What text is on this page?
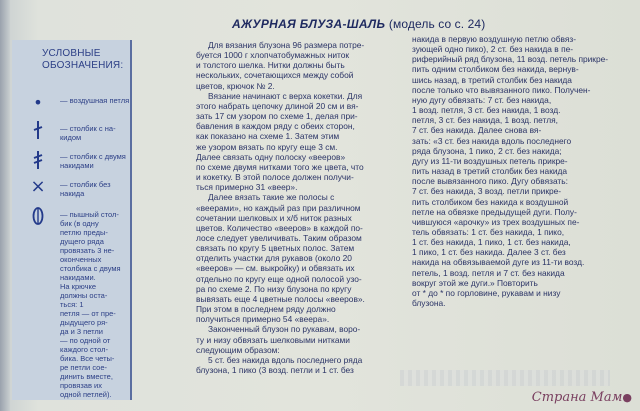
УСЛОВНЫЕ ОБОЗНАЧЕНИЯ:
•	— воздушная петля
— столбик с на-
кидом
— столбик с двумя
накидами
×	— столбик без
накида
— пышный стол-
бик (в одну
петлю преды-
дущего ряда
провязать 3 не-
оконченных
столбика с двумя
накидами.
На крючке
должны оста-
ться: 1
петля — от пре-
дыдущего ря-
да и 3 петли
— по одной от
каждого стол-
бика. Все четы-
ре петли сое-
динить вместе,
провязав их
одной петлей).
АЖУРНАЯ БЛУЗА-ШАЛЬ (модель со с. 24)

Для вязания блузона 96 размера потре-
буется 1000 г хлопчатобумажных ниток
и толстого шелка. Нитки должны быть
нескольких, сочетающихся между собой
цветов, крючок № 2.

Вязание начинают с верха кокетки. Для
этого набрать цепочку длиной 20 см и вя-
зать 17 см узором по схеме 1, делая при-
бавления в каждом ряду с обеих сторон,
как показано на схеме 1. Затем этим
же узором вязать по кругу еще 3 см.
Далее связать одну полоску «вееров»
по схеме двумя нитками того же цвета, что
и кокетку. В этой полосе должен получи-
ться примерно 31 «веер».

Далее вязать такие же полосы с
«веерами», но каждый раз при различном
сочетании шелковых и х/б ниток разных
цветов. Количество «вееров» в каждой по-
лосе следует увеличивать. Таким образом
связать по кругу 5 цветных полос. Затем
отделить участки для рукавов (около 20
«вееров» — см. выкройку) и обвязать их
отдельно по кругу еще одной полосой узо-
ра по схеме 2. По низу блузона по кругу
вывязать еще 4 цветные полосы «вееров».
При этом в последнем ряду должно
получиться примерно 54 «веера».

Законченный блузон по рукавам, воро-
ту и низу обвязать шелковыми нитками
следующим образом:

5 ст. без накида вдоль последнего ряда
блузона, 1 пико (3 возд. петли и 1 ст. без

накида в первую воздушную петлю обвяз-
зующей одно пико), 2 ст. без накида в пе-
риферийный ряд блузона, 11 возд. петель прикре-
пить одним столбиком без накида, вернув-
шись назад, в третий столбик без накида
после только что вывязанного пико. Получен-
ную дугу обвязать: 7 ст. без накида,
1 возд. петля, 3 ст. без накида, 1 возд.
петля, 3 ст. без накида, 1 возд. петля,
7 ст. без накида. Далее снова вя-
зать: «3 ст. без накида вдоль последнего
ряда блузона, 1 пико, 2 ст. без накида;
дугу из 11-ти воздушных петель прикре-
пить назад в третий столбик без накида
после вывязанного пико. Дугу обвязать:
7 ст. без накида, 3 возд. петли прикре-
пить столбиком без накида к воздушной
петле на обвязке предыдущей дуги. Полу-
чившуюся «арочку» из трех воздушных пе-
тель обвязать: 1 ст. без накида, 1 пико,
1 ст. без накида, 1 пико, 1 ст. без накида,
1 пико, 1 ст. без накида. Далее 3 ст. без
накида на обвязываемой дуге из 11-ти возд.
петель, 1 возд. петля и 7 ст. без накида
вокруг этой же дуги.» Повторить
от * до * по горловине, рукавам и низу
блузона.

Страна Мам●
